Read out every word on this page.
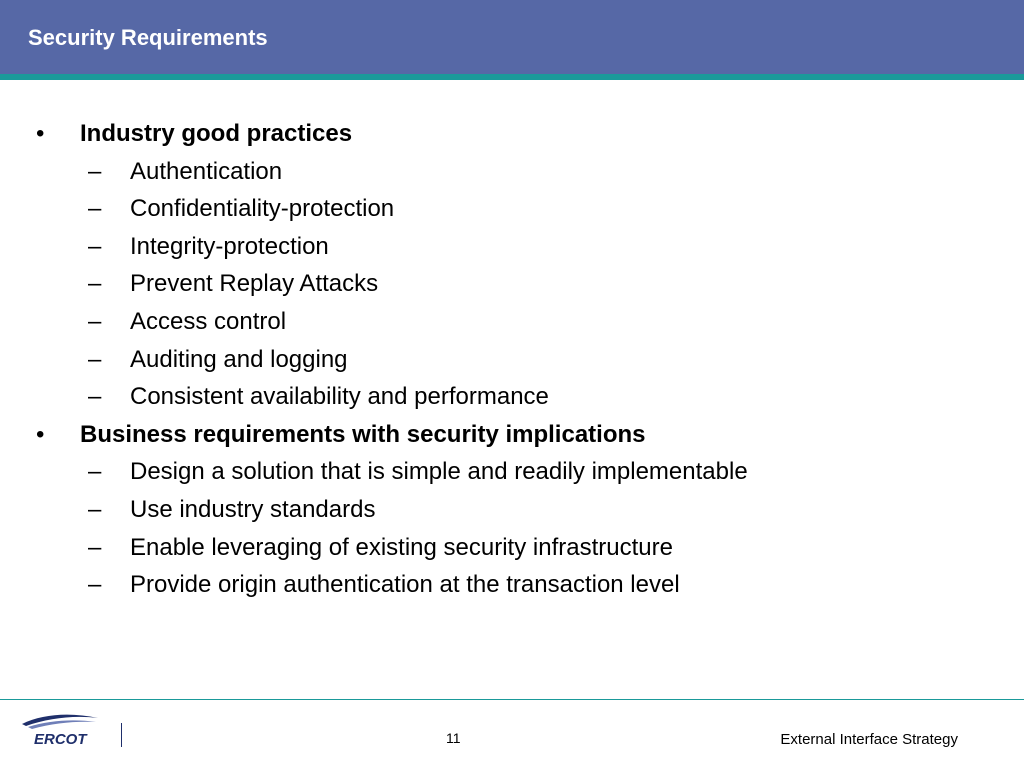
Security Requirements
• Industry good practices
– Authentication
– Confidentiality-protection
– Integrity-protection
– Prevent Replay Attacks
– Access control
– Auditing and logging
– Consistent availability and performance
• Business requirements with security implications
– Design a solution that is simple and readily implementable
– Use industry standards
– Enable leveraging of existing security infrastructure
– Provide origin authentication at the transaction level
ERCOT	11	External Interface Strategy
